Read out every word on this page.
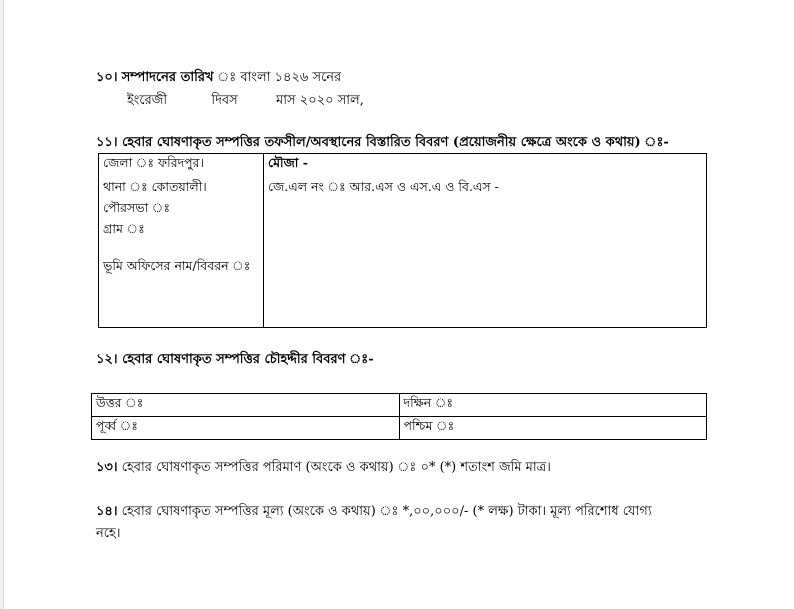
১০। সম্পাদনের তারিখ ঃ বাংলা ১৪২৬ সনের
ইংরেজী	দিবস	মাস ২০২০ সাল,
১১। হেবার ঘোষণাকৃত সম্পত্তির তফসীল/অবস্থানের বিস্তারিত বিবরণ (প্রয়োজনীয় ক্ষেত্রে অংকে ও কথায়) ঃ-
জেলা ঃ ফরিদপুর।
থানা ঃ কোতয়ালী।
পৌরসভা ঃ
গ্রাম ঃ
ভূমি অফিসের নাম/বিবরন ঃ

মৌজা -
জে.এল নং ঃ আর.এস ও এস.এ ও বি.এস -
১২। হেবার ঘোষণাকৃত সম্পত্তির চৌহদ্দীর বিবরণ ঃ-
উত্তর ঃ	দক্ষিন ঃ
পূর্ব্ব ঃ	পশ্চিম ঃ
১৩। হেবার ঘোষণাকৃত সম্পত্তির পরিমাণ (অংকে ও কথায়) ঃ ০* (*) শতাংশ জমি মাত্র।
১৪। হেবার ঘোষণাকৃত সম্পত্তির মূল্য (অংকে ও কথায়) ঃ *,০০,০০০/- (* লক্ষ) টাকা। মূল্য পরিশোধ যোগ্য
নহে।
